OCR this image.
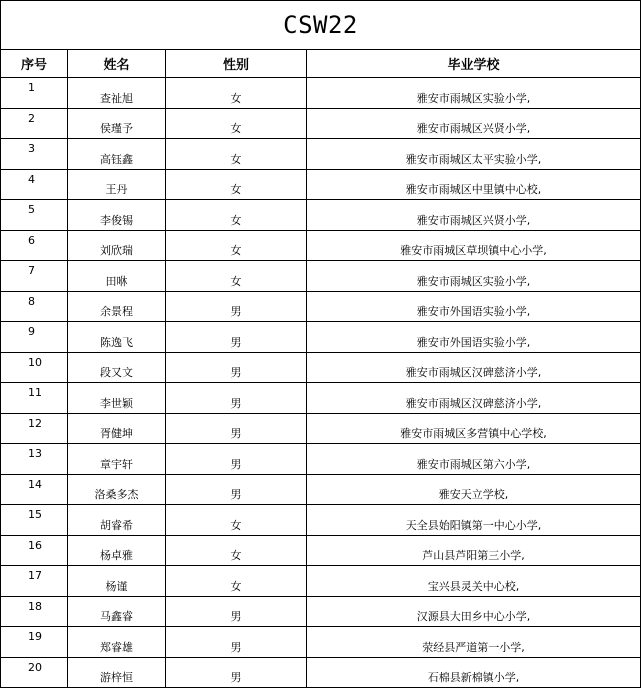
CSW22			
序号	姓名	性别	毕业学校
1	查祉旭	女	雅安市雨城区实验小学,
2	侯瑾予	女	雅安市雨城区兴贤小学,
3	高钰鑫	女	雅安市雨城区太平实验小学,
4	王丹	女	雅安市雨城区中里镇中心校,
5	李俊锡	女	雅安市雨城区兴贤小学,
6	刘欣瑞	女	雅安市雨城区草坝镇中心小学,
7	田咻	女	雅安市雨城区实验小学,
8	余景程	男	雅安市外国语实验小学,
9	陈逸飞	男	雅安市外国语实验小学,
10	段又文	男	雅安市雨城区汉碑慈济小学,
11	李世颖	男	雅安市雨城区汉碑慈济小学,
12	胥健坤	男	雅安市雨城区多营镇中心学校,
13	章宇轩	男	雅安市雨城区第六小学,
14	洛桑多杰	男	雅安天立学校,
15	胡睿希	女	天全县始阳镇第一中心小学,
16	杨卓雅	女	芦山县芦阳第三小学,
17	杨谨	女	宝兴县灵关中心校,
18	马鑫睿	男	汉源县大田乡中心小学,
19	郑睿雄	男	荥经县严道第一小学,
20	游梓恒	男	石棉县新棉镇小学,
